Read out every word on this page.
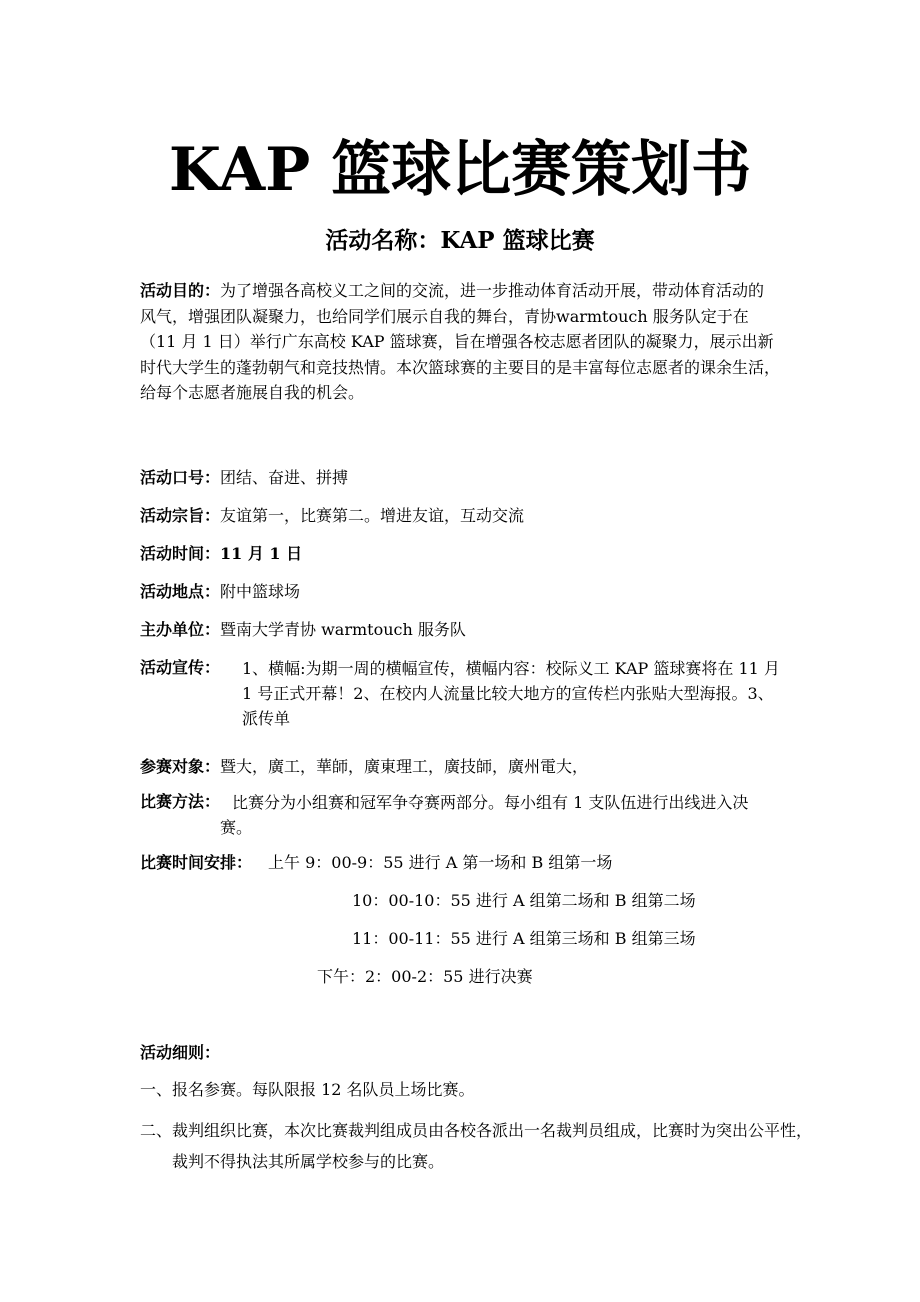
KAP 篮球比赛策划书
活动名称：KAP 篮球比赛
活动目的：为了增强各高校义工之间的交流，进一步推动体育活动开展，带动体育活动的风气，增强团队凝聚力，也给同学们展示自我的舞台，青协warmtouch 服务队定于在（11 月 1 日）举行广东高校 KAP 篮球赛，旨在增强各校志愿者团队的凝聚力，展示出新时代大学生的蓬勃朝气和竞技热情。本次篮球赛的主要目的是丰富每位志愿者的课余生活，给每个志愿者施展自我的机会。
活动口号：团结、奋进、拼搏
活动宗旨：友谊第一，比赛第二。增进友谊，互动交流
活动时间：11 月 1 日
活动地点：附中篮球场
主办单位：暨南大学青协 warmtouch 服务队
活动宣传：	1、横幅:为期一周的横幅宣传，横幅内容：校际义工 KAP 篮球赛将在 11 月 1 号正式开幕！2、在校内人流量比较大地方的宣传栏内张贴大型海报。3、派传单
参赛对象：暨大，廣工，華師，廣東理工，廣技師，廣州電大，
比赛方法： 比赛分为小组赛和冠军争夺赛两部分。每小组有 1 支队伍进行出线进入决赛。
比赛时间安排： 上午 9：00-9：55 进行 A 第一场和 B 组第一场
10：00-10：55 进行 A 组第二场和 B 组第二场
11：00-11：55 进行 A 组第三场和 B 组第三场
下午：2：00-2：55 进行决赛
活动细则：
一、报名参赛。每队限报 12 名队员上场比赛。
二、裁判组织比赛，本次比赛裁判组成员由各校各派出一名裁判员组成，比赛时为突出公平性，裁判不得执法其所属学校参与的比赛。
